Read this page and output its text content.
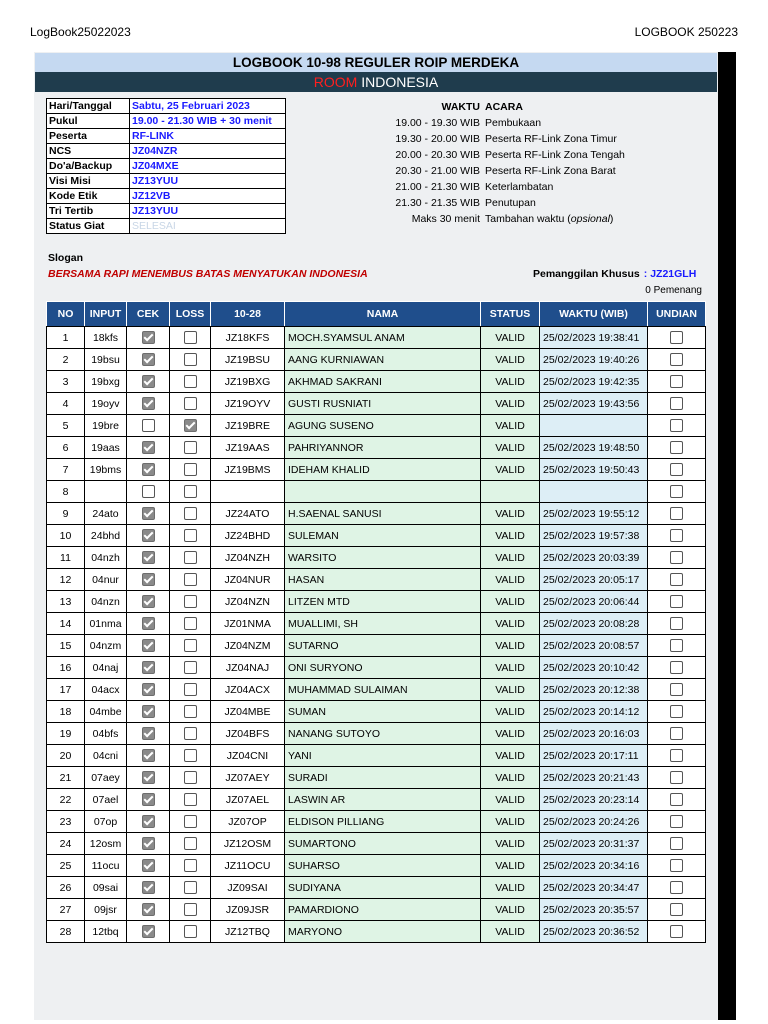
LogBook25022023	LOGBOOK 250223
LOGBOOK 10-98 REGULER ROIP MERDEKA
ROOM INDONESIA
Hari/Tanggal	Sabtu, 25 Februari 2023
Pukul	19.00 - 21.30 WIB + 30 menit
Peserta	RF-LINK
NCS	JZ04NZR
Do'a/Backup	JZ04MXE
Visi Misi	JZ13YUU
Kode Etik	JZ12VB
Tri Tertib	JZ13YUU
Status Giat	SELESAI
WAKTU ACARA
19.00 - 19.30 WIB Pembukaan
19.30 - 20.00 WIB Peserta RF-Link Zona Timur
20.00 - 20.30 WIB Peserta RF-Link Zona Tengah
20.30 - 21.00 WIB Peserta RF-Link Zona Barat
21.00 - 21.30 WIB Keterlambatan
21.30 - 21.35 WIB Penutupan
Maks 30 menit Tambahan waktu (opsional)
Slogan
BERSAMA RAPI MENEMBUS BATAS MENYATUKAN INDONESIA	Pemanggilan Khusus : JZ21GLH
0 Pemenang
NO	INPUT	CEK	LOSS	10-28	NAMA	STATUS	WAKTU (WIB)	UNDIAN
1	18kfs			JZ18KFS	MOCH.SYAMSUL ANAM	VALID	25/02/2023 19:38:41	
2	19bsu			JZ19BSU	AANG KURNIAWAN	VALID	25/02/2023 19:40:26	
3	19bxg			JZ19BXG	AKHMAD SAKRANI	VALID	25/02/2023 19:42:35	
4	19oyv			JZ19OYV	GUSTI RUSNIATI	VALID	25/02/2023 19:43:56	
5	19bre			JZ19BRE	AGUNG SUSENO	VALID		
6	19aas			JZ19AAS	PAHRIYANNOR	VALID	25/02/2023 19:48:50	
7	19bms			JZ19BMS	IDEHAM KHALID	VALID	25/02/2023 19:50:43	
8								
9	24ato			JZ24ATO	H.SAENAL SANUSI	VALID	25/02/2023 19:55:12	
10	24bhd			JZ24BHD	SULEMAN	VALID	25/02/2023 19:57:38	
11	04nzh			JZ04NZH	WARSITO	VALID	25/02/2023 20:03:39	
12	04nur			JZ04NUR	HASAN	VALID	25/02/2023 20:05:17	
13	04nzn			JZ04NZN	LITZEN MTD	VALID	25/02/2023 20:06:44	
14	01nma			JZ01NMA	MUALLIMI, SH	VALID	25/02/2023 20:08:28	
15	04nzm			JZ04NZM	SUTARNO	VALID	25/02/2023 20:08:57	
16	04naj			JZ04NAJ	ONI SURYONO	VALID	25/02/2023 20:10:42	
17	04acx			JZ04ACX	MUHAMMAD SULAIMAN	VALID	25/02/2023 20:12:38	
18	04mbe			JZ04MBE	SUMAN	VALID	25/02/2023 20:14:12	
19	04bfs			JZ04BFS	NANANG SUTOYO	VALID	25/02/2023 20:16:03	
20	04cni			JZ04CNI	YANI	VALID	25/02/2023 20:17:11	
21	07aey			JZ07AEY	SURADI	VALID	25/02/2023 20:21:43	
22	07ael			JZ07AEL	LASWIN AR	VALID	25/02/2023 20:23:14	
23	07op			JZ07OP	ELDISON PILLIANG	VALID	25/02/2023 20:24:26	
24	12osm			JZ12OSM	SUMARTONO	VALID	25/02/2023 20:31:37	
25	11ocu			JZ11OCU	SUHARSO	VALID	25/02/2023 20:34:16	
26	09sai			JZ09SAI	SUDIYANA	VALID	25/02/2023 20:34:47	
27	09jsr			JZ09JSR	PAMARDIONO	VALID	25/02/2023 20:35:57	
28	12tbq			JZ12TBQ	MARYONO	VALID	25/02/2023 20:36:52	
